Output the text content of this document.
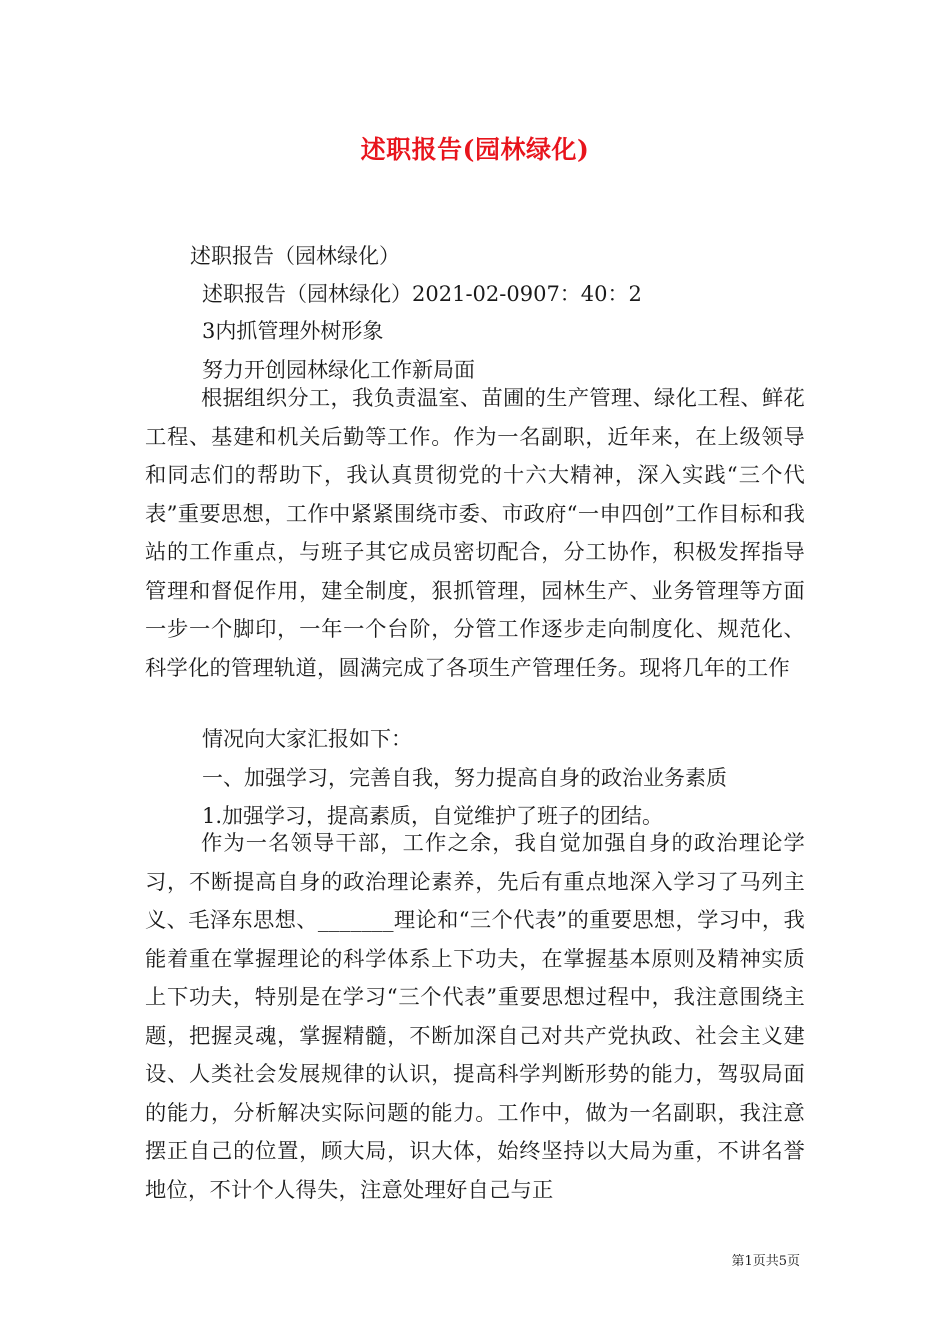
述职报告(园林绿化)
述职报告（园林绿化）
述职报告（园林绿化）2021-02-0907：40：2
3内抓管理外树形象
努力开创园林绿化工作新局面

根据组织分工，我负责温室、苗圃的生产管理、绿化工程、鲜花工程、基建和机关后勤等工作。作为一名副职，近年来，在上级领导和同志们的帮助下，我认真贯彻党的十六大精神，深入实践“三个代表”重要思想，工作中紧紧围绕市委、市政府“一申四创”工作目标和我站的工作重点，与班子其它成员密切配合，分工协作，积极发挥指导管理和督促作用，建全制度，狠抓管理，园林生产、业务管理等方面一步一个脚印，一年一个台阶，分管工作逐步走向制度化、规范化、科学化的管理轨道，圆满完成了各项生产管理任务。现将几年的工作

情况向大家汇报如下：
一、加强学习，完善自我，努力提高自身的政治业务素质
1.加强学习，提高素质，自觉维护了班子的团结。

作为一名领导干部，工作之余，我自觉加强自身的政治理论学习，不断提高自身的政治理论素养，先后有重点地深入学习了马列主义、毛泽东思想、_______理论和“三个代表”的重要思想，学习中，我能着重在掌握理论的科学体系上下功夫，在掌握基本原则及精神实质上下功夫，特别是在学习“三个代表”重要思想过程中，我注意围绕主题，把握灵魂，掌握精髓，不断加深自己对共产党执政、社会主义建设、人类社会发展规律的认识，提高科学判断形势的能力，驾驭局面的能力，分析解决实际问题的能力。工作中，做为一名副职，我注意摆正自己的位置，顾大局，识大体，始终坚持以大局为重，不讲名誉地位，不计个人得失，注意处理好自己与正

第1页共5页
